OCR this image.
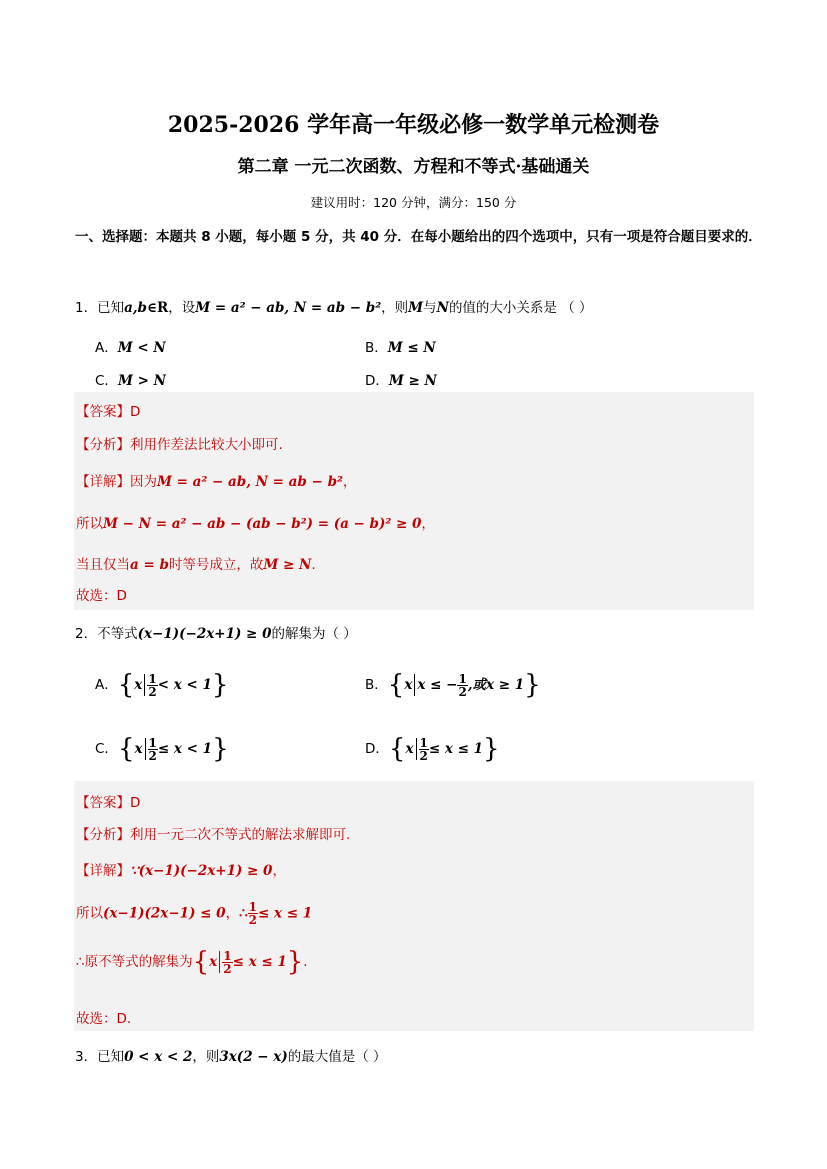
2025-2026 学年高一年级必修一数学单元检测卷
第二章 一元二次函数、方程和不等式·基础通关
建议用时：120 分钟，满分：150 分
一、选择题：本题共 8 小题，每小题 5 分，共 40 分．在每小题给出的四个选项中，只有一项是符合题目要求的．
1．已知a,b∈R，设M = a² − ab, N = ab − b²，则M与N的值的大小关系是 （ ）
A．M < N	B．M ≤ N
C．M > N	D．M ≥ N
【答案】D
【分析】利用作差法比较大小即可.
【详解】因为M = a² − ab, N = ab − b²，
所以M − N = a² − ab − (ab − b²) = (a − b)² ≥ 0，
当且仅当a = b时等号成立，故M ≥ N.
故选：D
2．不等式(x−1)(−2x+1) ≥ 0的解集为（ ）
A．$\{x \frac{1}{2} < x < 1\}$	B．{x x ≤ − $\frac{1}{2}$ ,或x ≥ 1}
C．$\{x \frac{1}{2} \le x < 1\}$	D．$\{x \frac{1}{2} \le x \le 1\}$
【答案】D
【分析】利用一元二次不等式的解法求解即可.
【详解】∵(x−1)(−2x+1) ≥ 0，
所以(x−1)(2x−1) ≤ 0，∴ $\frac{1}{2} \le x \le 1$
∴原不等式的解集为$\{x \frac{1}{2} \le x \le 1\}$.
故选：D.
3．已知0 < x < 2，则3x(2 − x)的最大值是（ ）
